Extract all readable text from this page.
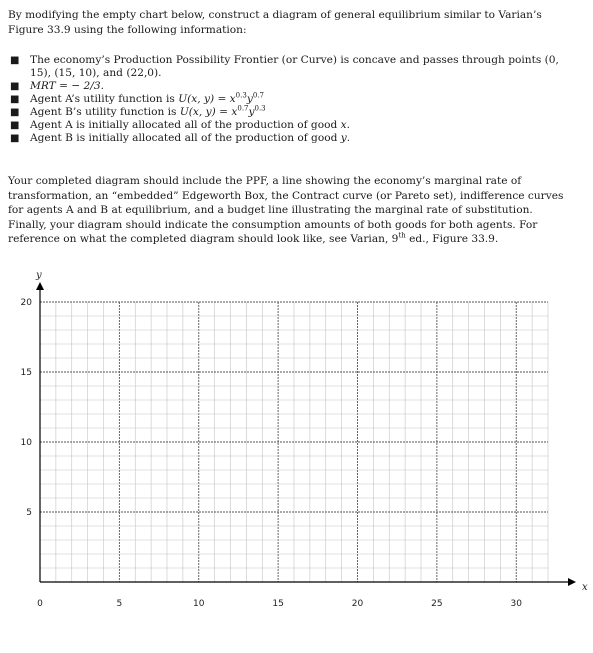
By modifying the empty chart below, construct a diagram of general equilibrium similar to Varian’s Figure 33.9 using the following information:

■ The economy’s Production Possibility Frontier (or Curve) is concave and passes through points (0, 15), (15, 10), and (22,0).
■ MRT = − 2/3.
■ Agent A’s utility function is U(x, $y) = x^{0.3}y^{0.7}$
■ Agent B’s utility function is U(x, $y) = x^{0.7}y^{0.3}$
■ Agent A is initially allocated all of the production of good x.
■ Agent B is initially allocated all of the production of good y.

Your completed diagram should include the PPF, a line showing the economy’s marginal rate of transformation, an “embedded” Edgeworth Box, the Contract curve (or Pareto set), indifference curves for agents A and B at equilibrium, and a budget line illustrating the marginal rate of substitution. Finally, your diagram should indicate the consumption amounts of both goods for both agents. For reference on what the completed diagram should look like, see Varian, 9th ed., Figure 33.9.

0	5	10	15	20	25	30
5
10
15
20
x
y
